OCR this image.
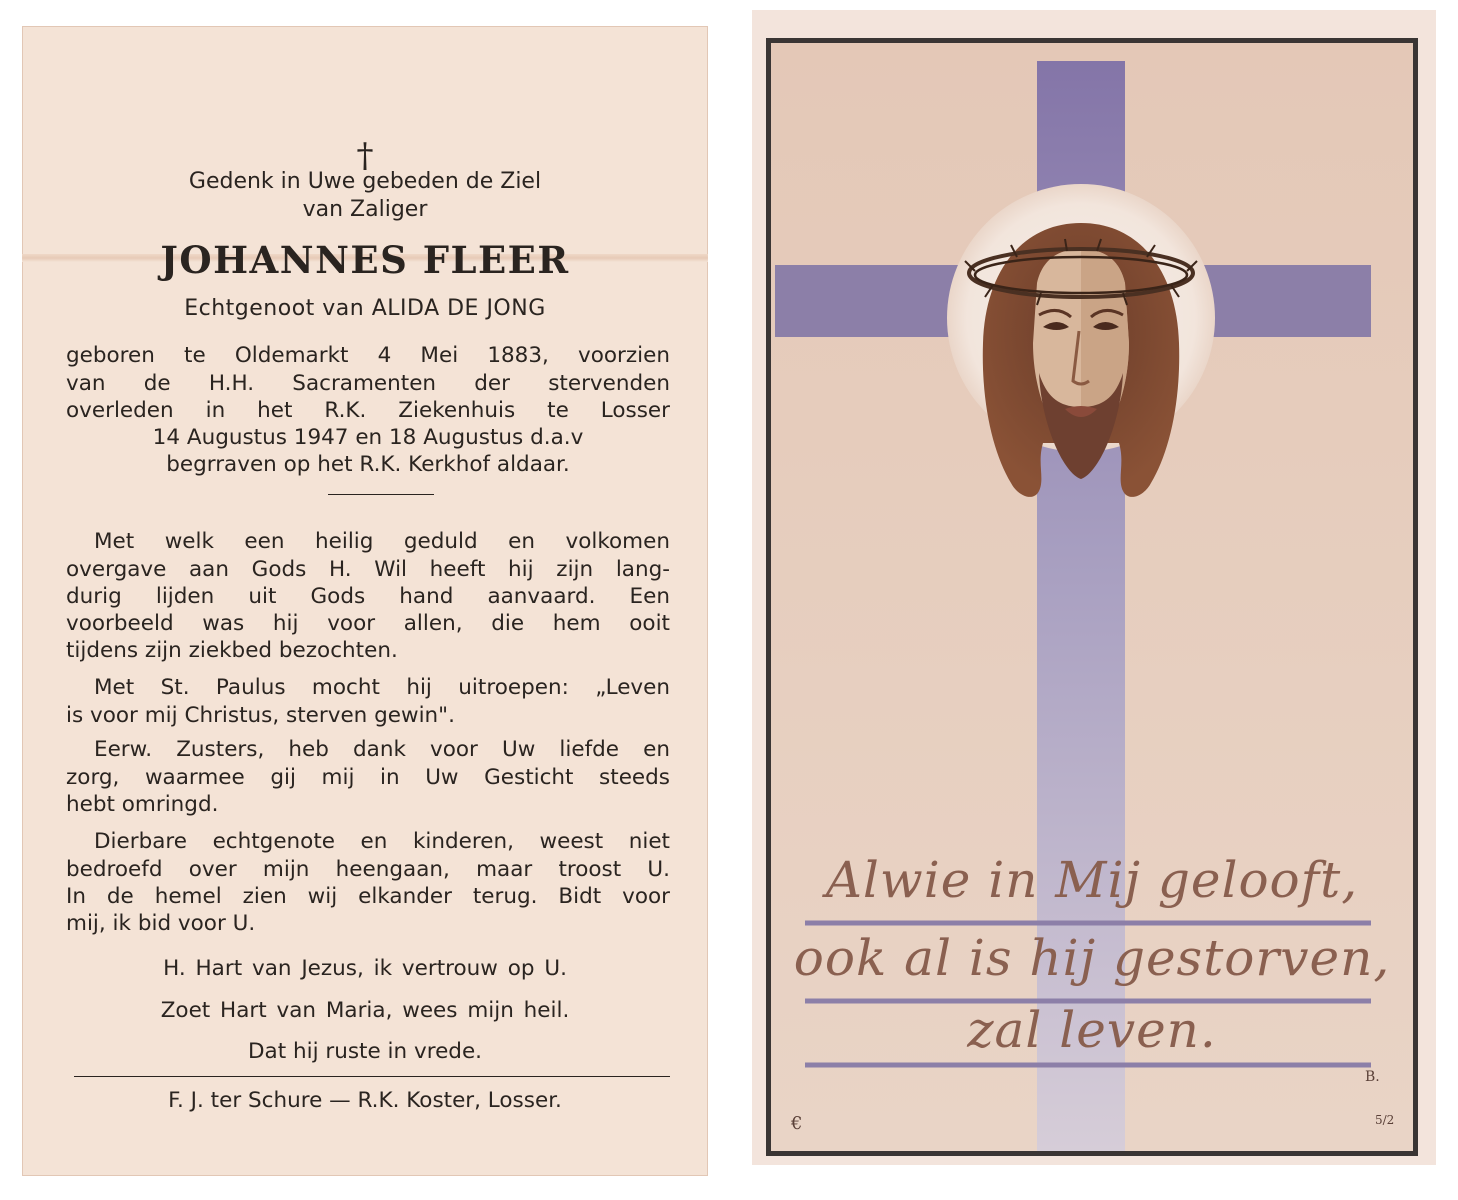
†
Gedenk in Uwe gebeden de Ziel
van Zaliger
JOHANNES FLEER
Echtgenoot van ALIDA DE JONG
geboren te Oldemarkt 4 Mei 1883, voorzien
van de H.H. Sacramenten der stervenden
overleden in het R.K. Ziekenhuis te Losser
14 Augustus 1947 en 18 Augustus d.a.v
begrraven op het R.K. Kerkhof aldaar.
Met welk een heilig geduld en volkomen
overgave aan Gods H. Wil heeft hij zijn lang-
durig lijden uit Gods hand aanvaard. Een
voorbeeld was hij voor allen, die hem ooit
tijdens zijn ziekbed bezochten.
Met St. Paulus mocht hij uitroepen: „Leven
is voor mij Christus, sterven gewin".
Eerw. Zusters, heb dank voor Uw liefde en
zorg, waarmee gij mij in Uw Gesticht steeds
hebt omringd.
Dierbare echtgenote en kinderen, weest niet
bedroefd over mijn heengaan, maar troost U.
In de hemel zien wij elkander terug. Bidt voor
mij, ik bid voor U.
H. Hart van Jezus, ik vertrouw op U.
Zoet Hart van Maria, wees mijn heil.
Dat hij ruste in vrede.
F. J. ter Schure — R.K. Koster, Losser.
Alwie in Mij gelooft,
ook al is hij gestorven,
zal leven.
B.
€	5/2
